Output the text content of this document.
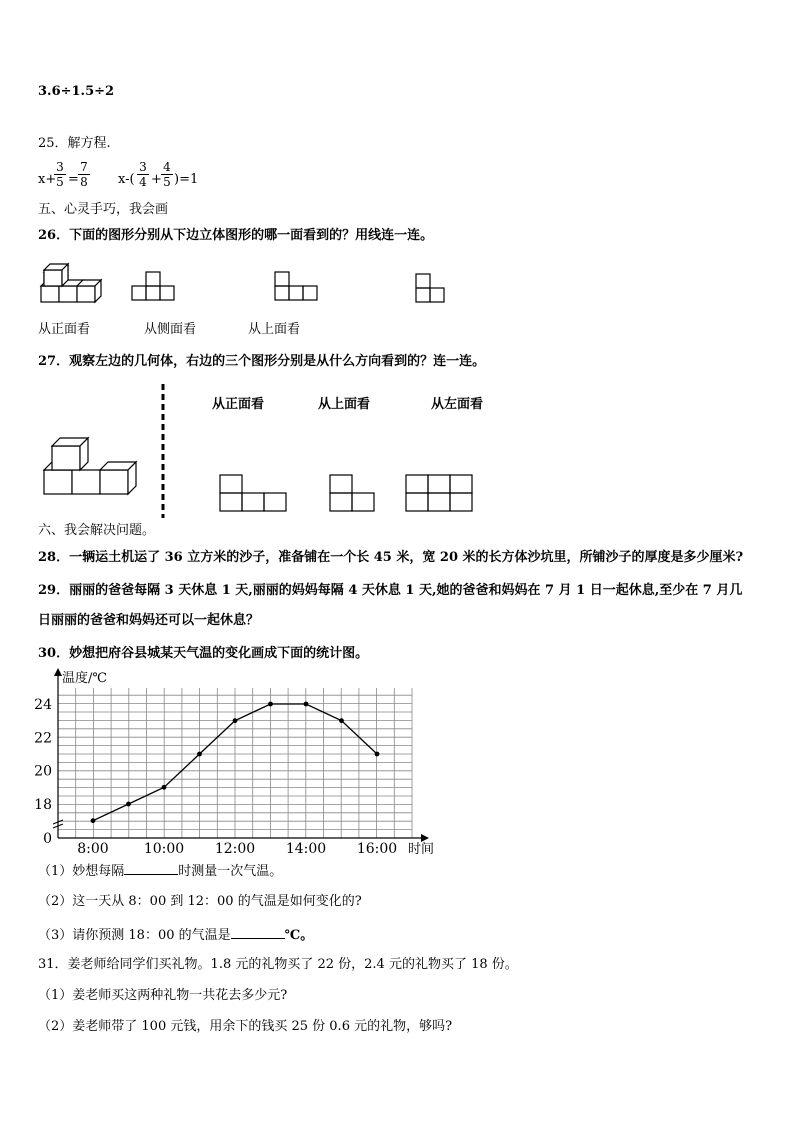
3.6÷1.5÷2
25．解方程.
x+
$\frac{3}{5} = \frac{7}{8} x-( \frac{3}{4} + \frac{4}{5} )=1$
五、心灵手巧，我会画
26．下面的图形分别从下边立体图形的哪一面看到的？用线连一连。
0
18
20
22
24
8:00	10:00 12:00 14:00 16:00
温度/℃
时间
从正面看	从侧面看	从上面看
27．观察左边的几何体，右边的三个图形分别是从什么方向看到的？连一连。
从正面看	从上面看	从左面看
六、我会解决问题。
28．一辆运土机运了 36 立方米的沙子，准备铺在一个长 45 米，宽 20 米的长方体沙坑里，所铺沙子的厚度是多少厘米?
29．丽丽的爸爸每隔 3 天休息 1 天,丽丽的妈妈每隔 4 天休息 1 天,她的爸爸和妈妈在 7 月 1 日一起休息,至少在 7 月几
日丽丽的爸爸和妈妈还可以一起休息？
30．妙想把府谷县城某天气温的变化画成下面的统计图。
（1）妙想每隔	时测量一次气温。
（2）这一天从 8：00 到 12：00 的气温是如何变化的?
（3）请你预测 18：00 的气温是	℃。
31．姜老师给同学们买礼物。1.8 元的礼物买了 22 份，2.4 元的礼物买了 18 份。
（1）姜老师买这两种礼物一共花去多少元?
（2）姜老师带了 100 元钱，用余下的钱买 25 份 0.6 元的礼物，够吗?
